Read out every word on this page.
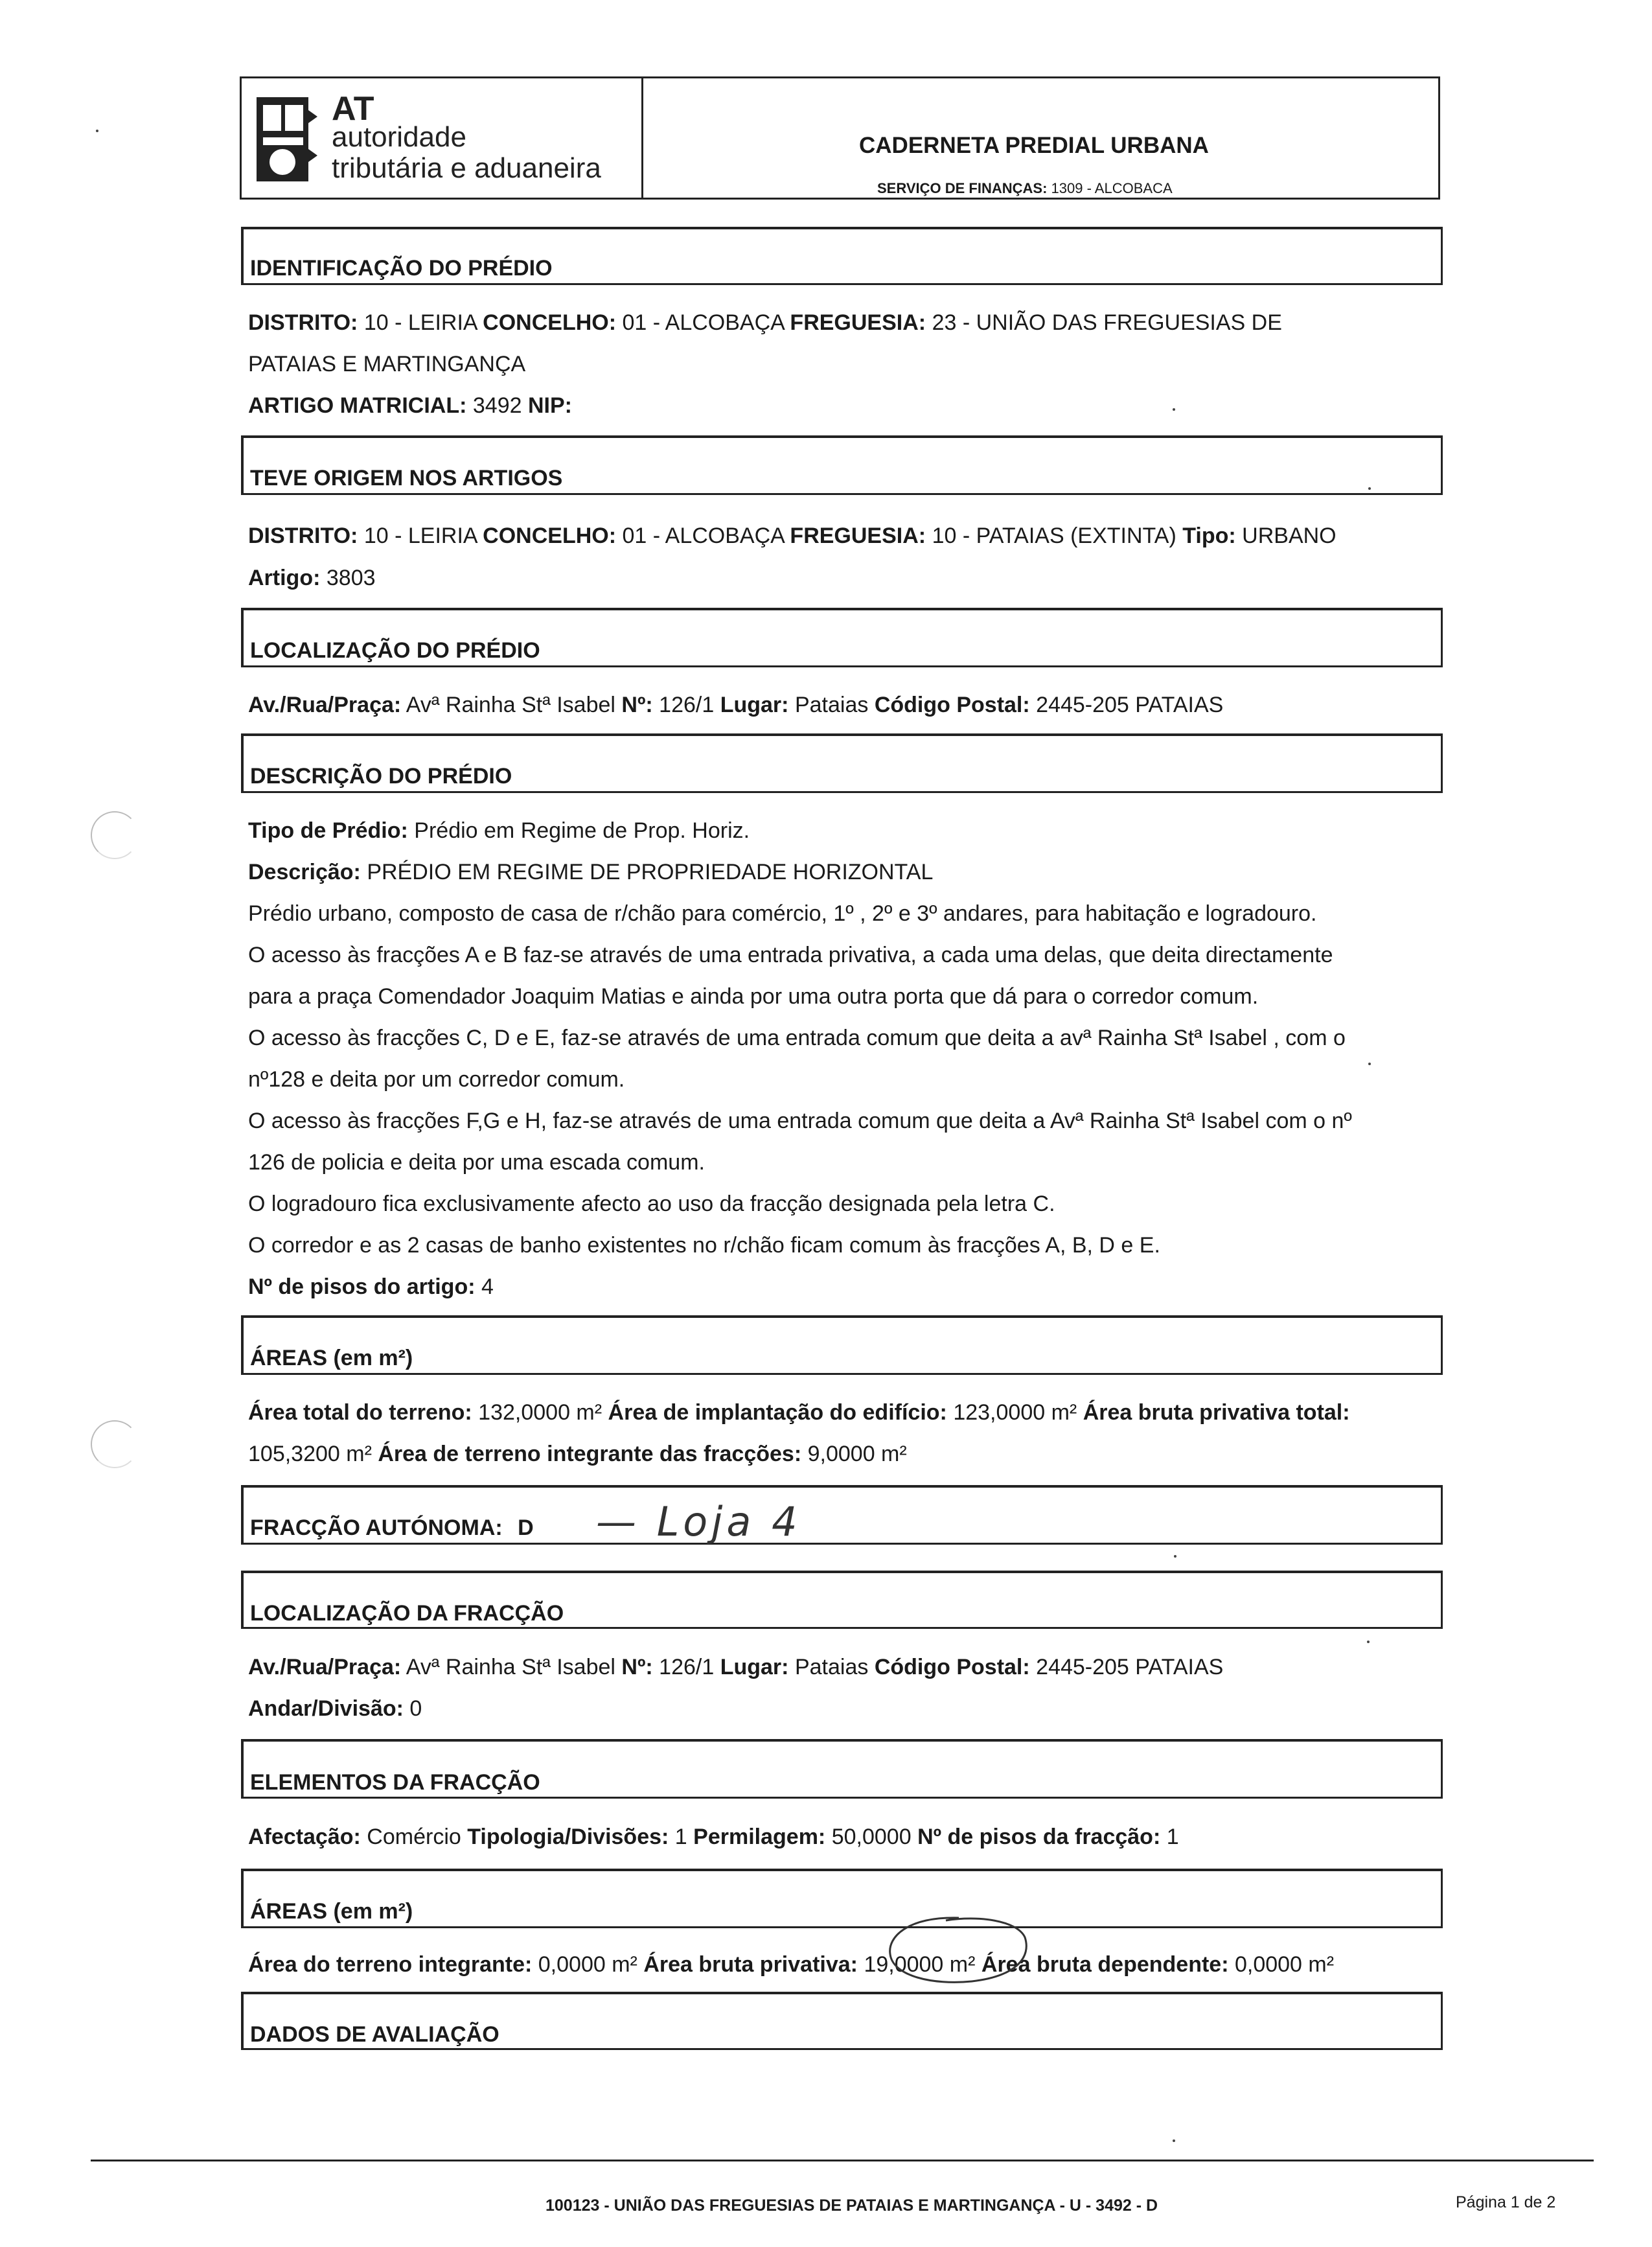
AT
autoridade
tributária e aduaneira
CADERNETA PREDIAL URBANA
SERVIÇO DE FINANÇAS: 1309 - ALCOBACA
IDENTIFICAÇÃO DO PRÉDIO
DISTRITO: 10 - LEIRIA CONCELHO: 01 - ALCOBAÇA FREGUESIA: 23 - UNIÃO DAS FREGUESIAS DE
PATAIAS E MARTINGANÇA
ARTIGO MATRICIAL: 3492 NIP:
TEVE ORIGEM NOS ARTIGOS
DISTRITO: 10 - LEIRIA CONCELHO: 01 - ALCOBAÇA FREGUESIA: 10 - PATAIAS (EXTINTA) Tipo: URBANO
Artigo: 3803
LOCALIZAÇÃO DO PRÉDIO
Av./Rua/Praça: Avª Rainha Stª Isabel Nº: 126/1 Lugar: Pataias Código Postal: 2445-205 PATAIAS
DESCRIÇÃO DO PRÉDIO
Tipo de Prédio: Prédio em Regime de Prop. Horiz.
Descrição: PRÉDIO EM REGIME DE PROPRIEDADE HORIZONTAL
Prédio urbano, composto de casa de r/chão para comércio, 1º , 2º e 3º andares, para habitação e logradouro.
O acesso às fracções A e B faz-se através de uma entrada privativa, a cada uma delas, que deita directamente
para a praça Comendador Joaquim Matias e ainda por uma outra porta que dá para o corredor comum.
O acesso às fracções C, D e E, faz-se através de uma entrada comum que deita a avª Rainha Stª Isabel , com o
nº128 e deita por um corredor comum.
O acesso às fracções F,G e H, faz-se através de uma entrada comum que deita a Avª Rainha Stª Isabel com o nº
126 de policia e deita por uma escada comum.
O logradouro fica exclusivamente afecto ao uso da fracção designada pela letra C.
O corredor e as 2 casas de banho existentes no r/chão ficam comum às fracções A, B, D e E.
Nº de pisos do artigo: 4
ÁREAS (em m²)
Área total do terreno: 132,0000 m² Área de implantação do edifício: 123,0000 m² Área bruta privativa total:
105,3200 m² Área de terreno integrante das fracções: 9,0000 m²
FRACÇÃO AUTÓNOMA: D	— Loja 4
LOCALIZAÇÃO DA FRACÇÃO
Av./Rua/Praça: Avª Rainha Stª Isabel Nº: 126/1 Lugar: Pataias Código Postal: 2445-205 PATAIAS
Andar/Divisão: 0
ELEMENTOS DA FRACÇÃO
Afectação: Comércio Tipologia/Divisões: 1 Permilagem: 50,0000 Nº de pisos da fracção: 1
ÁREAS (em m²)
Área do terreno integrante: 0,0000 m² Área bruta privativa: 19,0000 m² Área bruta dependente: 0,0000 m²
DADOS DE AVALIAÇÃO
100123 - UNIÃO DAS FREGUESIAS DE PATAIAS E MARTINGANÇA - U - 3492 - D	Página 1 de 2
